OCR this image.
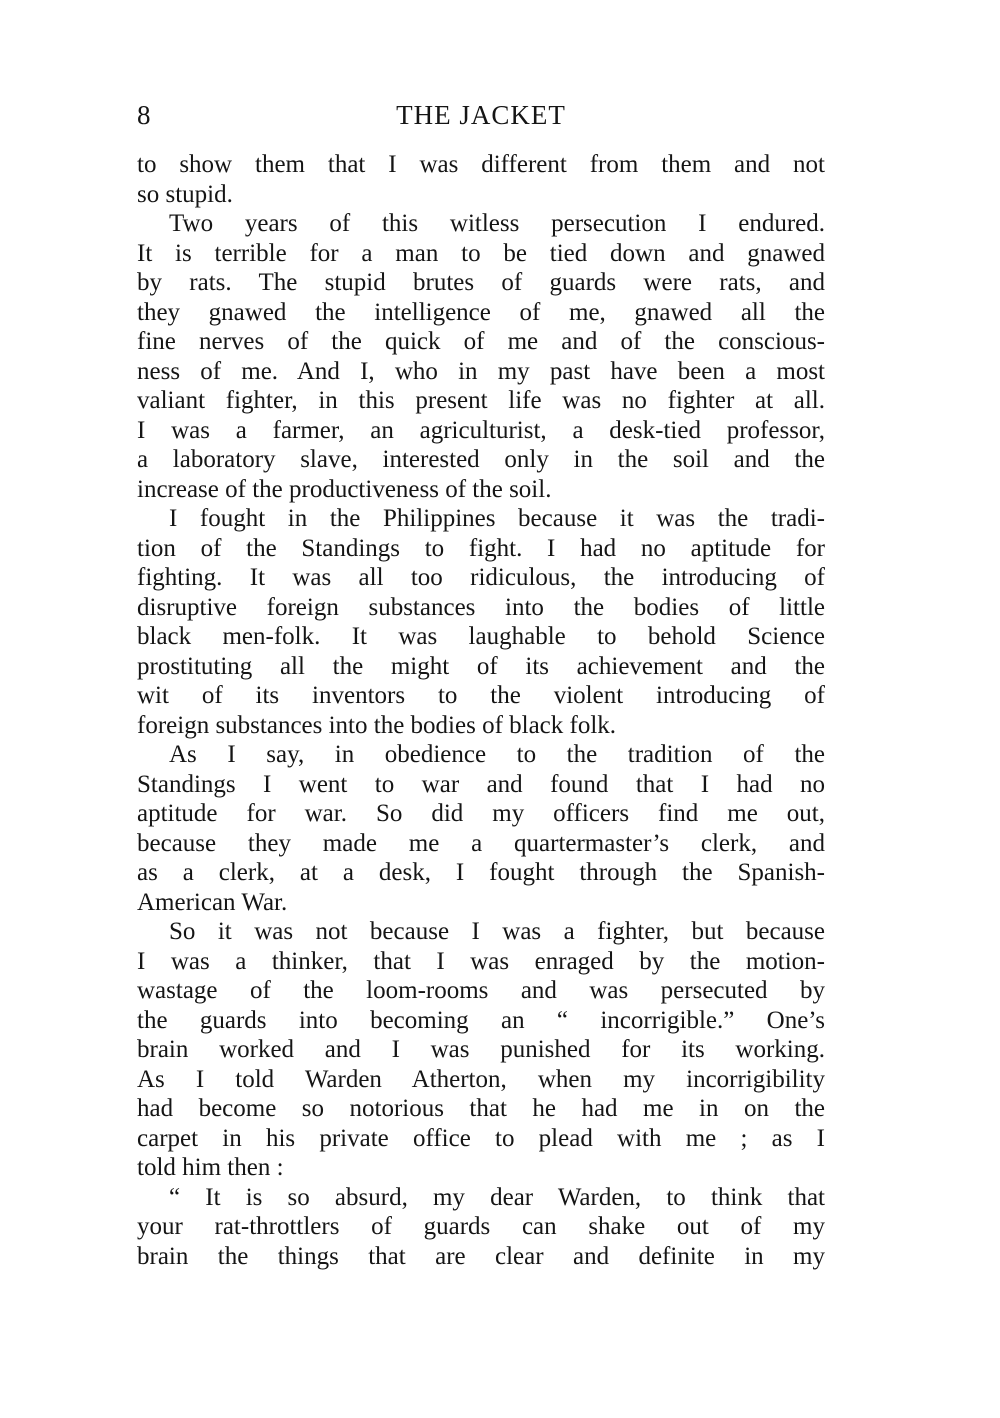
8	THE JACKET
to show them that I was different from them and not
so stupid.
Two years of this witless persecution I endured.
It is terrible for a man to be tied down and gnawed
by rats. The stupid brutes of guards were rats, and
they gnawed the intelligence of me, gnawed all the
fine nerves of the quick of me and of the conscious-
ness of me. And I, who in my past have been a most
valiant fighter, in this present life was no fighter at all.
I was a farmer, an agriculturist, a desk-tied professor,
a laboratory slave, interested only in the soil and the
increase of the productiveness of the soil.
I fought in the Philippines because it was the tradi-
tion of the Standings to fight. I had no aptitude for
fighting. It was all too ridiculous, the introducing of
disruptive foreign substances into the bodies of little
black men-folk. It was laughable to behold Science
prostituting all the might of its achievement and the
wit of its inventors to the violent introducing of
foreign substances into the bodies of black folk.
As I say, in obedience to the tradition of the
Standings I went to war and found that I had no
aptitude for war. So did my officers find me out,
because they made me a quartermaster’s clerk, and
as a clerk, at a desk, I fought through the Spanish-
American War.
So it was not because I was a fighter, but because
I was a thinker, that I was enraged by the motion-
wastage of the loom-rooms and was persecuted by
the guards into becoming an “ incorrigible.” One’s
brain worked and I was punished for its working.
As I told Warden Atherton, when my incorrigibility
had become so notorious that he had me in on the
carpet in his private office to plead with me ; as I
told him then :
“ It is so absurd, my dear Warden, to think that
your rat-throttlers of guards can shake out of my
brain the things that are clear and definite in my
